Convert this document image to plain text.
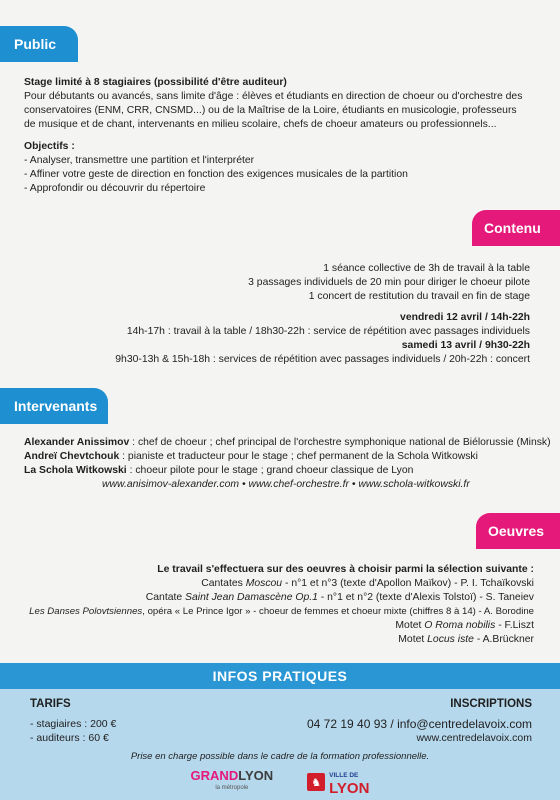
Public
Stage limité à 8 stagiaires (possibilité d'être auditeur)
Pour débutants ou avancés, sans limite d'âge : élèves et étudiants en direction de choeur ou d'orchestre des
conservatoires (ENM, CRR, CNSMD...) ou de la Maîtrise de la Loire, étudiants en musicologie, professeurs
de musique et de chant, intervenants en milieu scolaire, chefs de choeur amateurs ou professionnels...
Objectifs :
- Analyser, transmettre une partition et l'interpréter
- Affiner votre geste de direction en fonction des exigences musicales de la partition
- Approfondir ou découvrir du répertoire
Contenu
1 séance collective de 3h de travail à la table
3 passages individuels de 20 min pour diriger le choeur pilote
1 concert de restitution du travail en fin de stage
vendredi 12 avril / 14h-22h
14h-17h : travail à la table / 18h30-22h : service de répétition avec passages individuels
samedi 13 avril / 9h30-22h
9h30-13h & 15h-18h : services de répétition avec passages individuels / 20h-22h : concert
Intervenants
Alexander Anissimov : chef de choeur ; chef principal de l'orchestre symphonique national de Biélorussie (Minsk)
Andreï Chevtchouk : pianiste et traducteur pour le stage ; chef permanent de la Schola Witkowski
La Schola Witkowski : choeur pilote pour le stage ; grand choeur classique de Lyon
www.anisimov-alexander.com • www.chef-orchestre.fr • www.schola-witkowski.fr
Oeuvres
Le travail s'effectuera sur des oeuvres à choisir parmi la sélection suivante :
Cantates Moscou - n°1 et n°3 (texte d'Apollon Maïkov) - P. I. Tchaïkovski
Cantate Saint Jean Damascène Op.1 - n°1 et n°2 (texte d'Alexis Tolstoï) - S. Taneiev
Les Danses Polovtsiennes, opéra « Le Prince Igor » - choeur de femmes et choeur mixte (chiffres 8 à 14) - A. Borodine
Motet O Roma nobilis - F.Liszt
Motet Locus iste - A.Brückner
INFOS PRATIQUES
TARIFS
- stagiaires : 200 €
- auditeurs : 60 €
INSCRIPTIONS
04 72 19 40 93 / info@centredelavoix.com
www.centredelavoix.com
Prise en charge possible dans le cadre de la formation professionnelle.
GRANDLYON
la métropole	♞
VILLE DE
LYON
